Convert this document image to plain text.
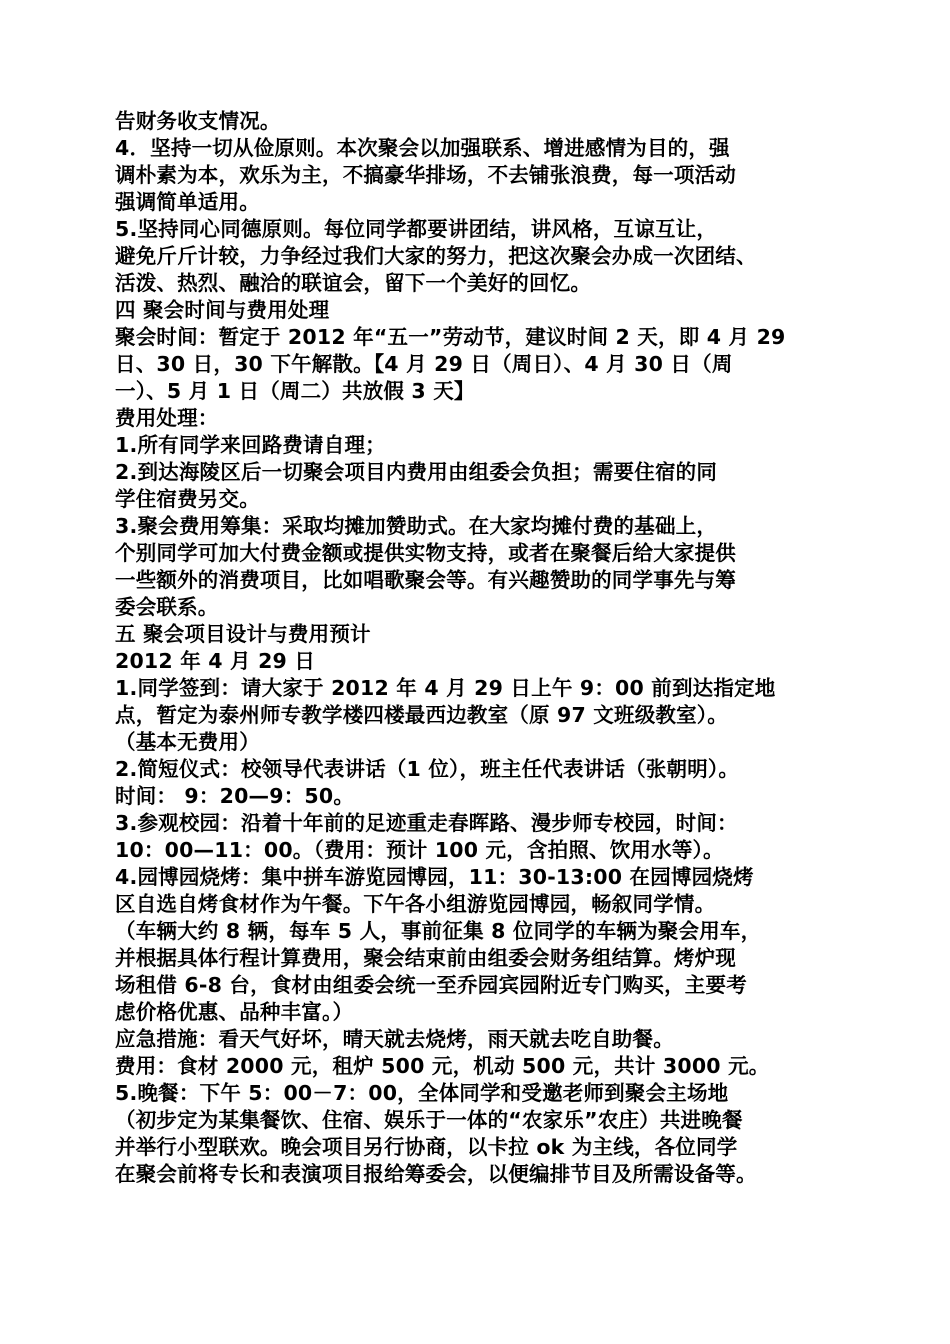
告财务收支情况。
4．坚持一切从俭原则。本次聚会以加强联系、增进感情为目的，强
调朴素为本，欢乐为主，不搞豪华排场，不去铺张浪费，每一项活动
强调简单适用。
5.坚持同心同德原则。每位同学都要讲团结，讲风格，互谅互让，
避免斤斤计较，力争经过我们大家的努力，把这次聚会办成一次团结、
活泼、热烈、融洽的联谊会，留下一个美好的回忆。
四 聚会时间与费用处理
聚会时间：暂定于 2012 年“五一”劳动节，建议时间 2 天，即 4 月 29
日、30 日，30 下午解散。【4 月 29 日（周日）、4 月 30 日（周
一）、5 月 1 日（周二）共放假 3 天】
费用处理：
1.所有同学来回路费请自理；
2.到达海陵区后一切聚会项目内费用由组委会负担；需要住宿的同
学住宿费另交。
3.聚会费用筹集：采取均摊加赞助式。在大家均摊付费的基础上，
个别同学可加大付费金额或提供实物支持，或者在聚餐后给大家提供
一些额外的消费项目，比如唱歌聚会等。有兴趣赞助的同学事先与筹
委会联系。
五 聚会项目设计与费用预计
2012 年 4 月 29 日
1.同学签到：请大家于 2012 年 4 月 29 日上午 9：00 前到达指定地
点，暂定为泰州师专教学楼四楼最西边教室（原 97 文班级教室）。
（基本无费用）
2.简短仪式：校领导代表讲话（1 位），班主任代表讲话（张朝明）。
时间： 9：20—9：50。
3.参观校园：沿着十年前的足迹重走春晖路、漫步师专校园，时间：
10：00—11：00。（费用：预计 100 元，含拍照、饮用水等）。
4.园博园烧烤：集中拼车游览园博园，11：30-13:00 在园博园烧烤
区自选自烤食材作为午餐。下午各小组游览园博园，畅叙同学情。
（车辆大约 8 辆，每车 5 人，事前征集 8 位同学的车辆为聚会用车，
并根据具体行程计算费用，聚会结束前由组委会财务组结算。烤炉现
场租借 6-8 台，食材由组委会统一至乔园宾园附近专门购买，主要考
虑价格优惠、品种丰富。）
应急措施：看天气好坏，晴天就去烧烤，雨天就去吃自助餐。
费用：食材 2000 元，租炉 500 元，机动 500 元，共计 3000 元。
5.晚餐：下午 5：00－7：00，全体同学和受邀老师到聚会主场地
（初步定为某集餐饮、住宿、娱乐于一体的“农家乐”农庄）共进晚餐
并举行小型联欢。晚会项目另行协商，以卡拉 ok 为主线，各位同学
在聚会前将专长和表演项目报给筹委会，以便编排节目及所需设备等。
